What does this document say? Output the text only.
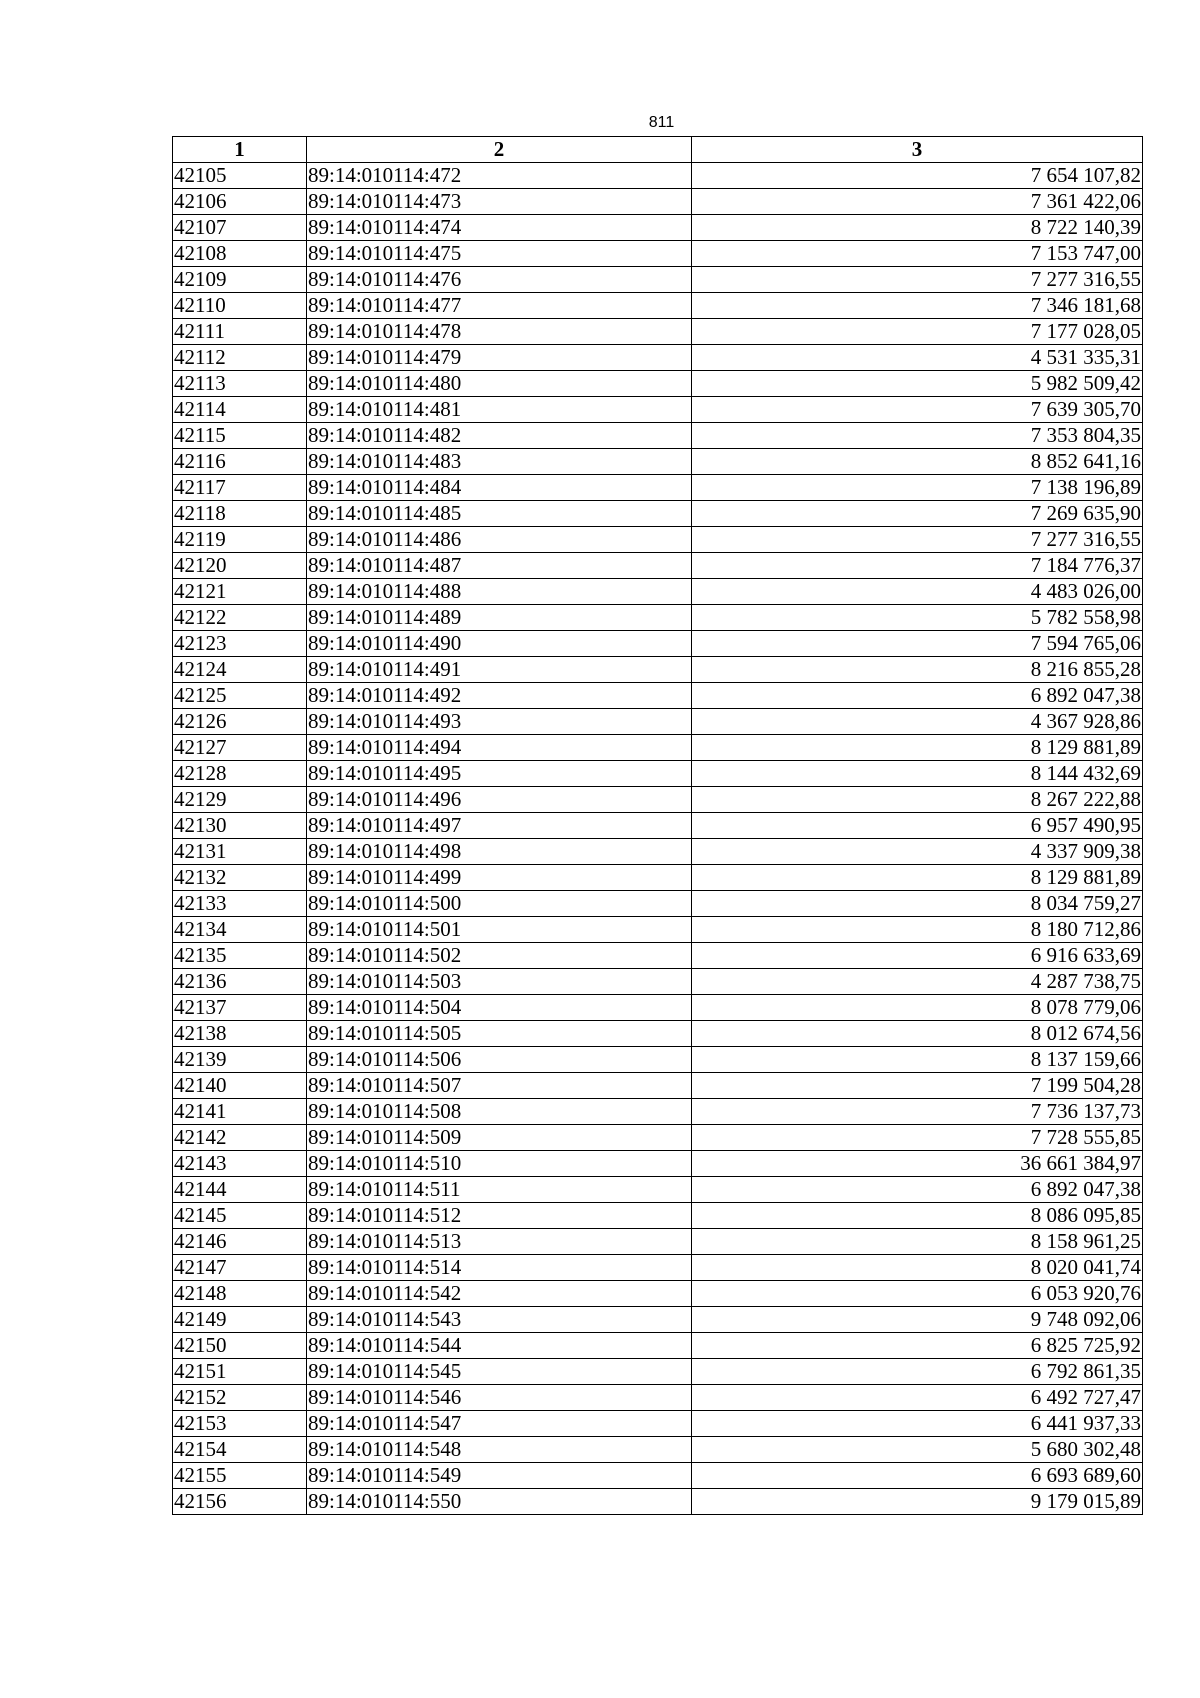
811
1	2	3
42105	89:14:010114:472	7 654 107,82
42106	89:14:010114:473	7 361 422,06
42107	89:14:010114:474	8 722 140,39
42108	89:14:010114:475	7 153 747,00
42109	89:14:010114:476	7 277 316,55
42110	89:14:010114:477	7 346 181,68
42111	89:14:010114:478	7 177 028,05
42112	89:14:010114:479	4 531 335,31
42113	89:14:010114:480	5 982 509,42
42114	89:14:010114:481	7 639 305,70
42115	89:14:010114:482	7 353 804,35
42116	89:14:010114:483	8 852 641,16
42117	89:14:010114:484	7 138 196,89
42118	89:14:010114:485	7 269 635,90
42119	89:14:010114:486	7 277 316,55
42120	89:14:010114:487	7 184 776,37
42121	89:14:010114:488	4 483 026,00
42122	89:14:010114:489	5 782 558,98
42123	89:14:010114:490	7 594 765,06
42124	89:14:010114:491	8 216 855,28
42125	89:14:010114:492	6 892 047,38
42126	89:14:010114:493	4 367 928,86
42127	89:14:010114:494	8 129 881,89
42128	89:14:010114:495	8 144 432,69
42129	89:14:010114:496	8 267 222,88
42130	89:14:010114:497	6 957 490,95
42131	89:14:010114:498	4 337 909,38
42132	89:14:010114:499	8 129 881,89
42133	89:14:010114:500	8 034 759,27
42134	89:14:010114:501	8 180 712,86
42135	89:14:010114:502	6 916 633,69
42136	89:14:010114:503	4 287 738,75
42137	89:14:010114:504	8 078 779,06
42138	89:14:010114:505	8 012 674,56
42139	89:14:010114:506	8 137 159,66
42140	89:14:010114:507	7 199 504,28
42141	89:14:010114:508	7 736 137,73
42142	89:14:010114:509	7 728 555,85
42143	89:14:010114:510	36 661 384,97
42144	89:14:010114:511	6 892 047,38
42145	89:14:010114:512	8 086 095,85
42146	89:14:010114:513	8 158 961,25
42147	89:14:010114:514	8 020 041,74
42148	89:14:010114:542	6 053 920,76
42149	89:14:010114:543	9 748 092,06
42150	89:14:010114:544	6 825 725,92
42151	89:14:010114:545	6 792 861,35
42152	89:14:010114:546	6 492 727,47
42153	89:14:010114:547	6 441 937,33
42154	89:14:010114:548	5 680 302,48
42155	89:14:010114:549	6 693 689,60
42156	89:14:010114:550	9 179 015,89
